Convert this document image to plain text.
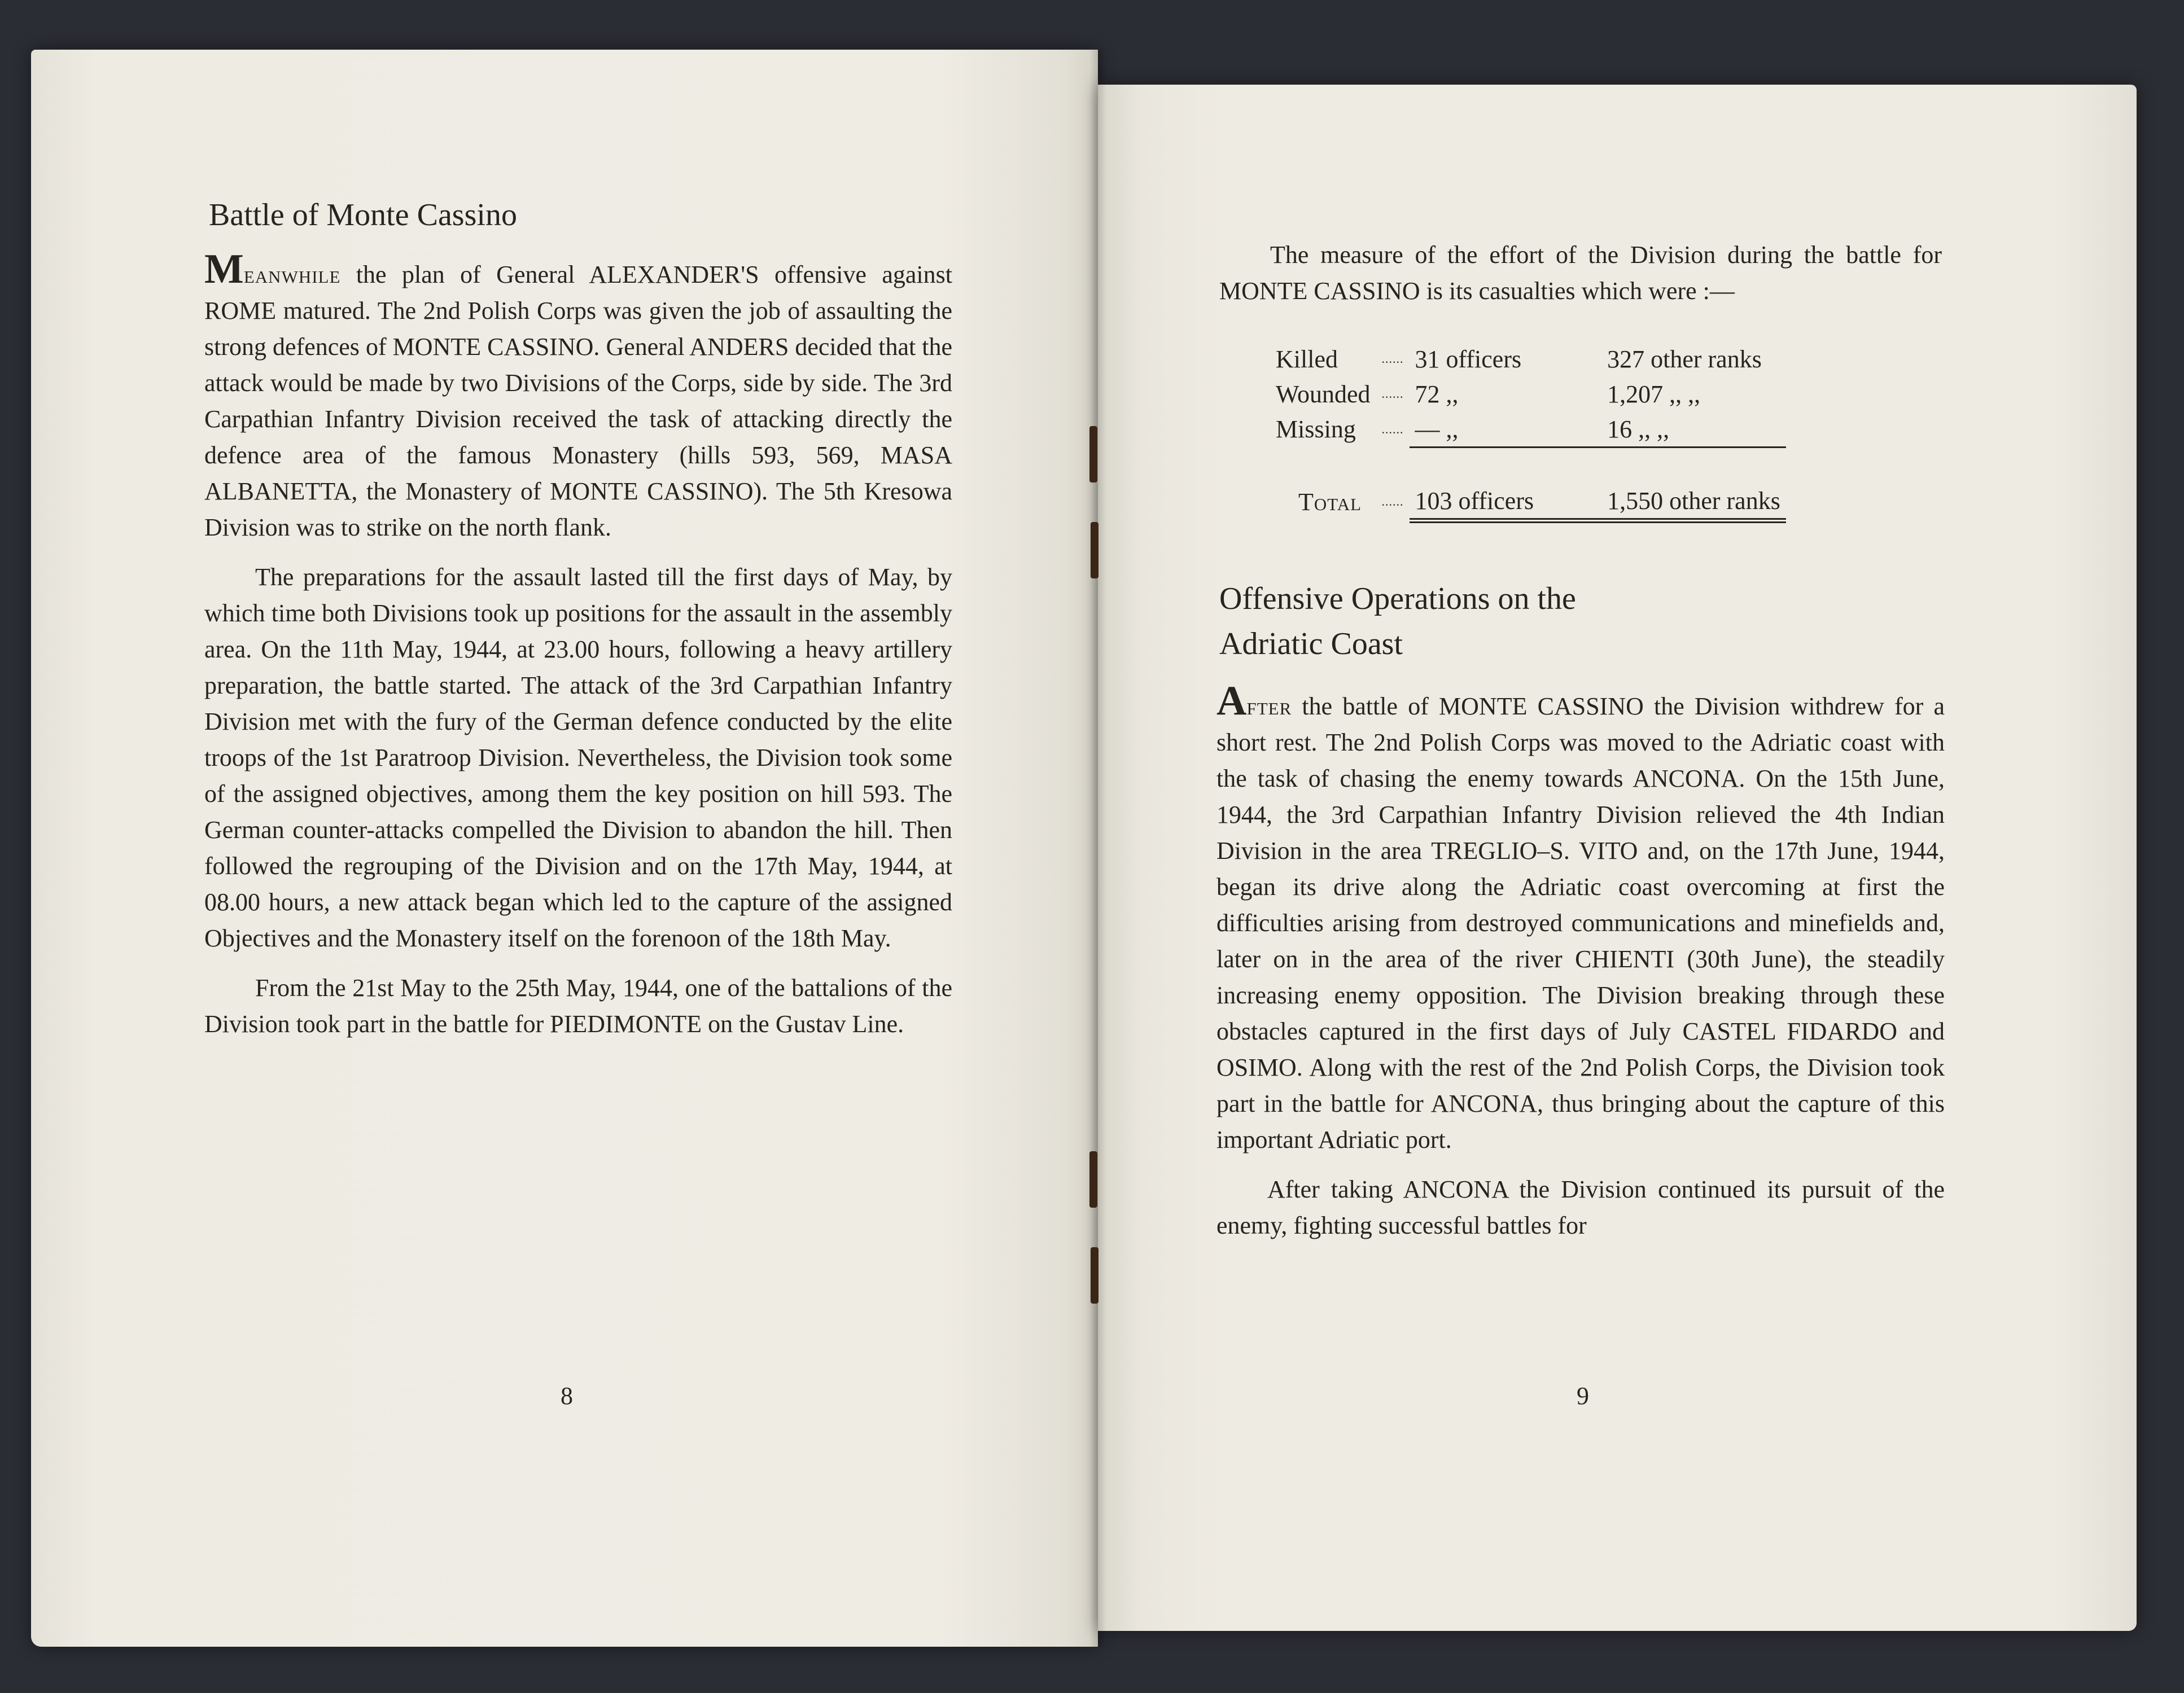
Battle of Monte Cassino

Meanwhile the plan of General ALEXANDER'S offensive against ROME matured. The 2nd Polish Corps was given the job of assaulting the strong defences of MONTE CASSINO. General ANDERS decided that the attack would be made by two Divisions of the Corps, side by side. The 3rd Carpathian Infantry Division received the task of attacking directly the defence area of the famous Monastery (hills 593, 569, MASA ALBANETTA, the Monastery of MONTE CASSINO). The 5th Kresowa Division was to strike on the north flank.

The preparations for the assault lasted till the first days of May, by which time both Divisions took up positions for the assault in the assembly area. On the 11th May, 1944, at 23.00 hours, following a heavy artillery preparation, the battle started. The attack of the 3rd Carpathian Infantry Division met with the fury of the German defence conducted by the elite troops of the 1st Paratroop Division. Nevertheless, the Division took some of the assigned objectives, among them the key position on hill 593. The German counter-attacks compelled the Division to abandon the hill. Then followed the regrouping of the Division and on the 17th May, 1944, at 08.00 hours, a new attack began which led to the capture of the assigned Objectives and the Monastery itself on the forenoon of the 18th May.

From the 21st May to the 25th May, 1944, one of the battalions of the Division took part in the battle for PIEDIMONTE on the Gustav Line.

8

The measure of the effort of the Division during the battle for MONTE CASSINO is its casualties which were :—

Killed	......	31 officers	327 other ranks
Wounded	......	72 ,,	1,207 ,, ,,
Missing	......	— ,,	16 ,, ,,

Total	......	103 officers	1,550 other ranks
Offensive Operations on the
Adriatic Coast

After the battle of MONTE CASSINO the Division withdrew for a short rest. The 2nd Polish Corps was moved to the Adriatic coast with the task of chasing the enemy towards ANCONA. On the 15th June, 1944, the 3rd Carpathian Infantry Division relieved the 4th Indian Division in the area TREGLIO–S. VITO and, on the 17th June, 1944, began its drive along the Adriatic coast overcoming at first the difficulties arising from destroyed communications and minefields and, later on in the area of the river CHIENTI (30th June), the steadily increasing enemy opposition. The Division breaking through these obstacles captured in the first days of July CASTEL FIDARDO and OSIMO. Along with the rest of the 2nd Polish Corps, the Division took part in the battle for ANCONA, thus bringing about the capture of this important Adriatic port.

After taking ANCONA the Division continued its pursuit of the enemy, fighting successful battles for

9
